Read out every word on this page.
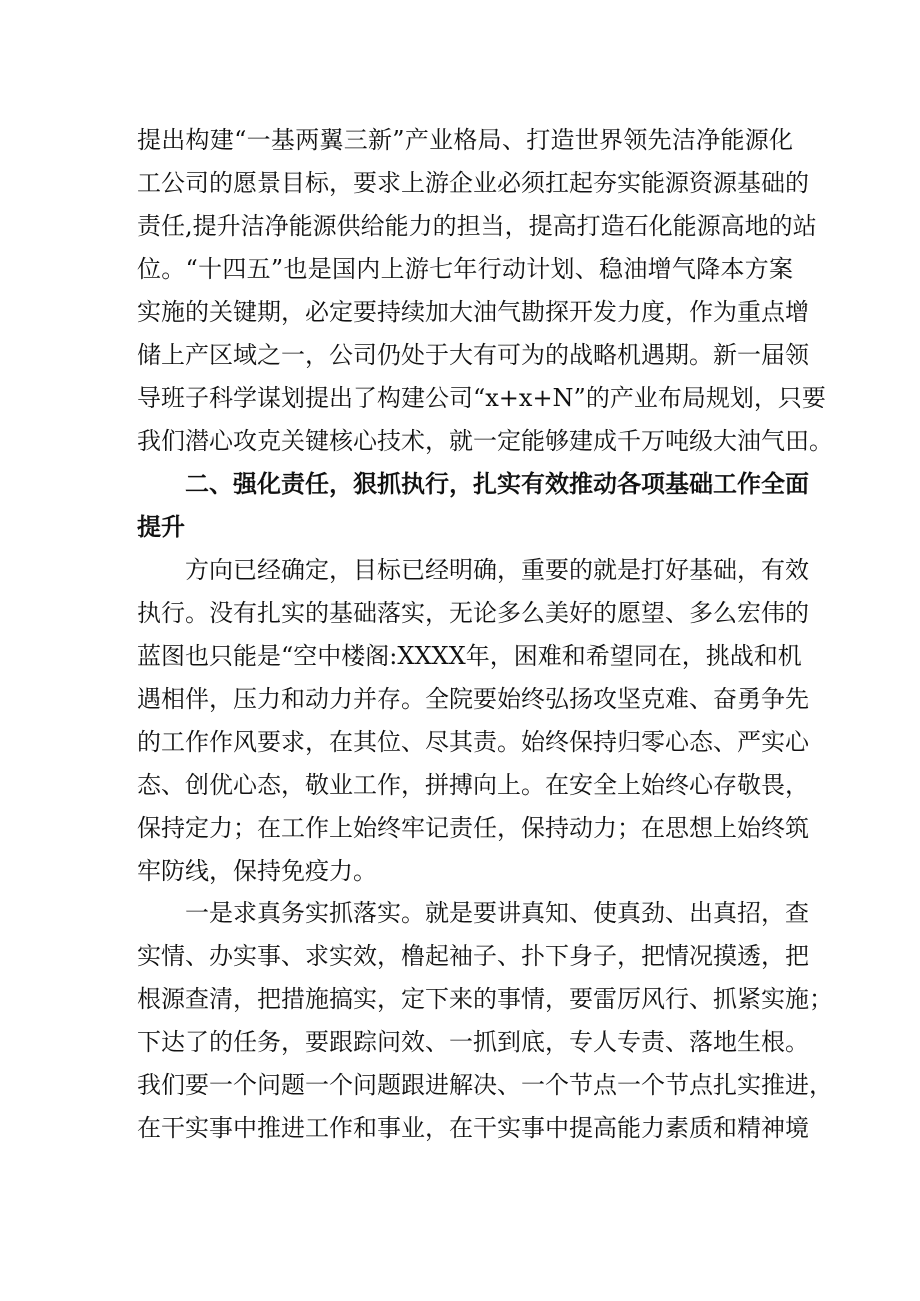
提出构建“一基两翼三新”产业格局、打造世界领先洁净能源化
工公司的愿景目标，要求上游企业必须扛起夯实能源资源基础的
责任,提升洁净能源供给能力的担当，提高打造石化能源高地的站
位。“十四五”也是国内上游七年行动计划、稳油增气降本方案
实施的关键期，必定要持续加大油气勘探开发力度，作为重点增
储上产区域之一，公司仍处于大有可为的战略机遇期。新一届领
导班子科学谋划提出了构建公司“x+x+N”的产业布局规划，只要
我们潜心攻克关键核心技术，就一定能够建成千万吨级大油气田。
二、强化责任，狠抓执行，扎实有效推动各项基础工作全面
提升
方向已经确定，目标已经明确，重要的就是打好基础，有效
执行。没有扎实的基础落实，无论多么美好的愿望、多么宏伟的
蓝图也只能是“空中楼阁:XXXX年，困难和希望同在，挑战和机
遇相伴，压力和动力并存。全院要始终弘扬攻坚克难、奋勇争先
的工作作风要求，在其位、尽其责。始终保持归零心态、严实心
态、创优心态，敬业工作，拼搏向上。在安全上始终心存敬畏，
保持定力；在工作上始终牢记责任，保持动力；在思想上始终筑
牢防线，保持免疫力。
一是求真务实抓落实。就是要讲真知、使真劲、出真招，查
实情、办实事、求实效，橹起袖子、扑下身子，把情况摸透，把
根源查清，把措施搞实，定下来的事情，要雷厉风行、抓紧实施；
下达了的任务，要跟踪问效、一抓到底，专人专责、落地生根。
我们要一个问题一个问题跟进解决、一个节点一个节点扎实推进，
在干实事中推进工作和事业，在干实事中提高能力素质和精神境
